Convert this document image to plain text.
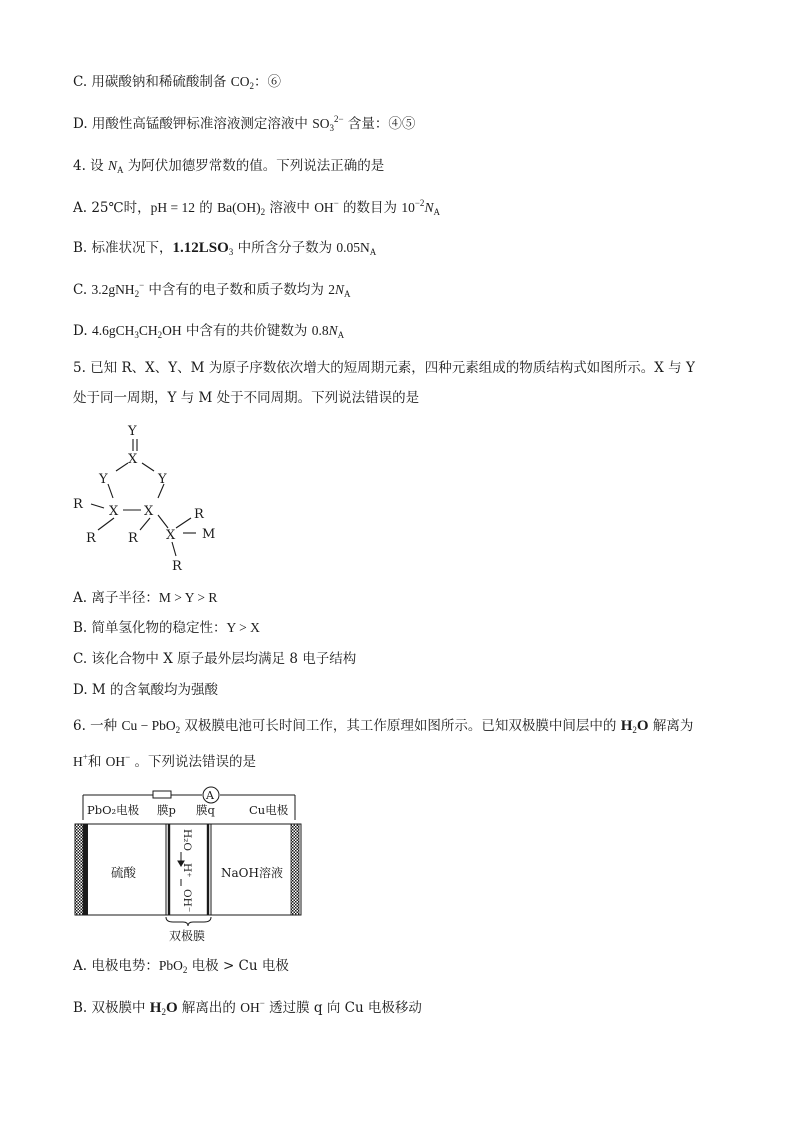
C. 用碳酸钠和稀硫酸制备 $CO_2$：⑥
D. 用酸性高锰酸钾标准溶液测定溶液中 $SO_3^{2-}$ 含量：④⑤
4. 设 $N_A$ 为阿伏加德罗常数的值。下列说法正确的是
A. 25℃时，pH = 12 的 $Ba(OH)_2$ 溶液中 OH− 的数目为 $10^{-2}N_A$
B. 标准状况下，$1.12LSO_3$ 中所含分子数为 $0.05N_A$
C. 3.2gNH$_2$− 中含有的电子数和质子数均为 $2N_A$
D. $4.6gCH_3CH_2OH$ 中含有的共价键数为 $0.8N_A$
5. 已知 R、X、Y、M 为原子序数依次增大的短周期元素，四种元素组成的物质结构式如图所示。X 与 Y
处于同一周期，Y 与 M 处于不同周期。下列说法错误的是
Y
X
Y	Y
X X
X
R
R R
R
M
R
A. 离子半径：M > Y > R
B. 简单氢化物的稳定性：Y > X
C. 该化合物中 X 原子最外层均满足 8 电子结构
D. M 的含氧酸均为强酸
6. 一种 Cu − PbO$_2$ 双极膜电池可长时间工作，其工作原理如图所示。已知双极膜中间层中的 $H_2O$ 解离为
H+和 OH− 。下列说法错误的是
A
PbO₂电极 膜p 膜q	Cu电极
H₂O
H⁺
OH⁻
硫酸	NaOH溶液
双极膜
A. 电极电势：PbO$_2$ 电极 > Cu 电极
B. 双极膜中 $H_2O$ 解离出的 OH− 透过膜 q 向 Cu 电极移动
